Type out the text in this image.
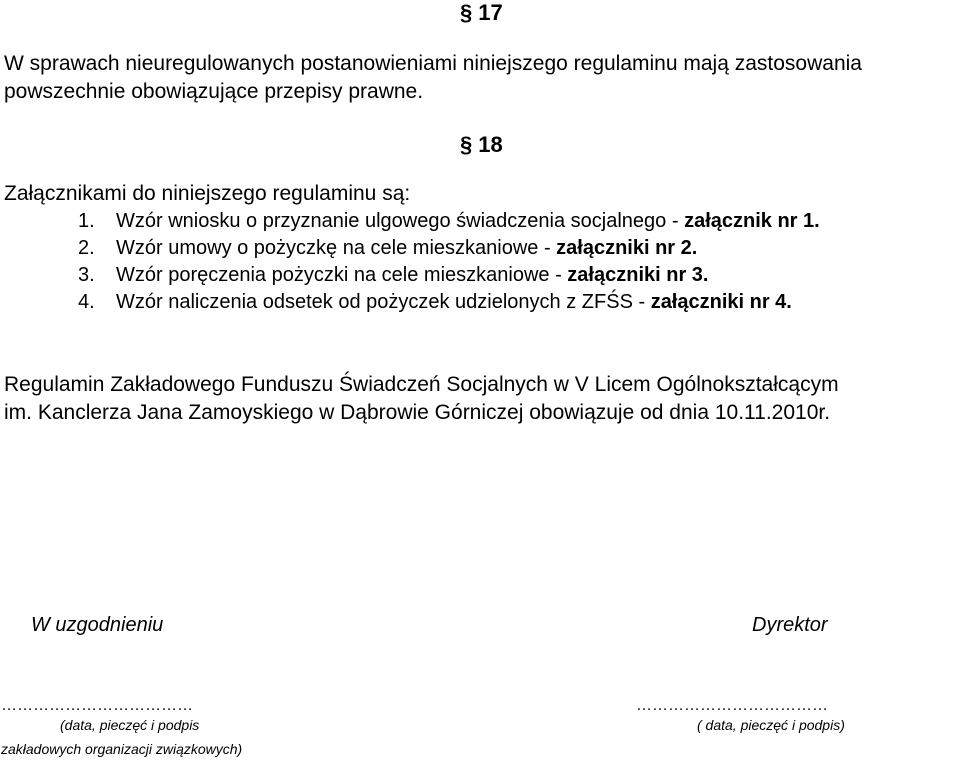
§ 17
W sprawach nieuregulowanych postanowieniami niniejszego regulaminu mają zastosowania
powszechnie obowiązujące przepisy prawne.
§ 18
Załącznikami do niniejszego regulaminu są:
1. Wzór wniosku o przyznanie ulgowego świadczenia socjalnego - załącznik nr 1.
2. Wzór umowy o pożyczkę na cele mieszkaniowe - załączniki nr 2.
3. Wzór poręczenia pożyczki na cele mieszkaniowe - załączniki nr 3.
4. Wzór naliczenia odsetek od pożyczek udzielonych z ZFŚS - załączniki nr 4.
Regulamin Zakładowego Funduszu Świadczeń Socjalnych w V Licem Ogólnokształcącym
im. Kanclerza Jana Zamoyskiego w Dąbrowie Górniczej obowiązuje od dnia 10.11.2010r.
W uzgodnieniu	Dyrektor
………………………………	………………………………
(data, pieczęć i podpis	( data, pieczęć i podpis)
zakładowych organizacji związkowych)
